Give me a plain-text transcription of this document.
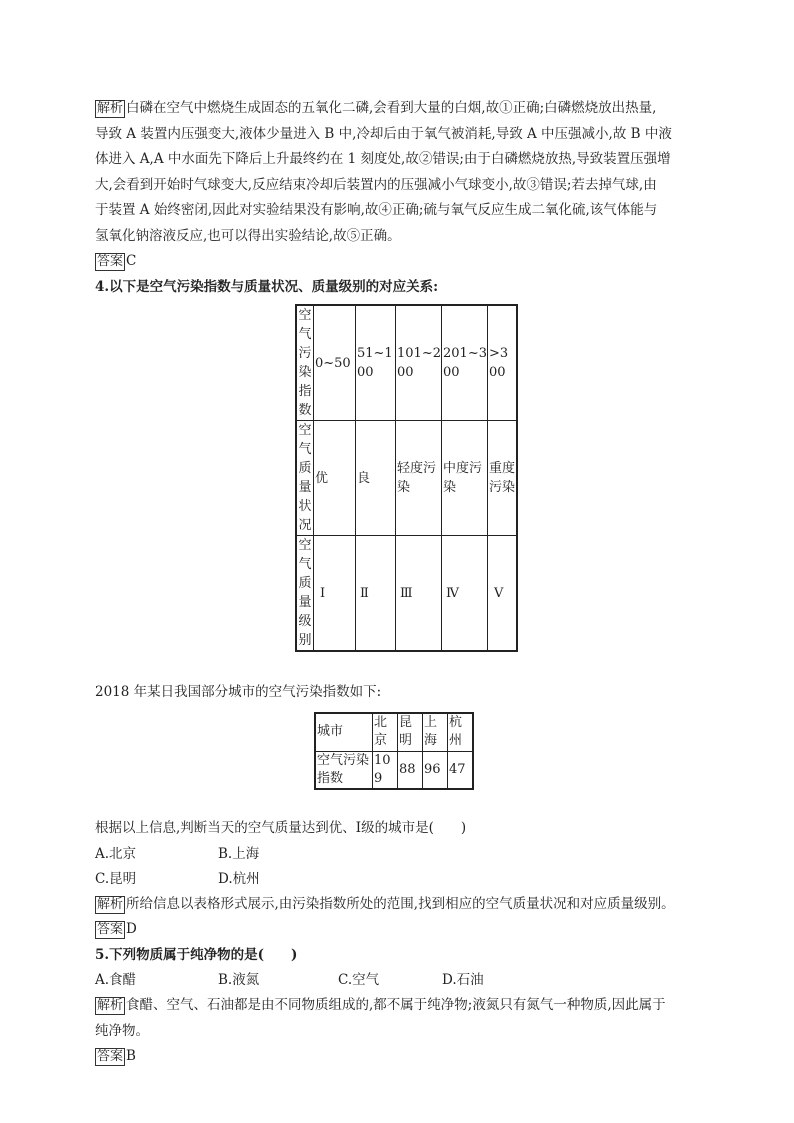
解析 白磷在空气中燃烧生成固态的五氧化二磷,会看到大量的白烟,故①正确;白磷燃烧放出热量,

导致 A 装置内压强变大,液体少量进入 B 中,冷却后由于氧气被消耗,导致 A 中压强减小,故 B 中液

体进入 A,A 中水面先下降后上升最终约在 1 刻度处,故②错误;由于白磷燃烧放热,导致装置压强增

大,会看到开始时气球变大,反应结束冷却后装置内的压强减小气球变小,故③错误;若去掉气球,由

于装置 A 始终密闭,因此对实验结果没有影响,故④正确;硫与氧气反应生成二氧化硫,该气体能与

氢氧化钠溶液反应,也可以得出实验结论,故⑤正确。

答案 C

4.以下是空气污染指数与质量状况、质量级别的对应关系:

空气污染指数	0~50	51~100	101~200	201~300	>300
空气质量状况	优	良	轻度污染	中度污染	重度污染
空气质量级别	Ⅰ	Ⅱ	Ⅲ	Ⅳ	Ⅴ

2018 年某日我国部分城市的空气污染指数如下:

城市	北京	昆明	上海	杭州
空气污染指数	109	88	96	47

根据以上信息,判断当天的空气质量达到优、Ⅰ级的城市是(　　)

A.北京	B.上海
C.昆明	D.杭州

解析 所给信息以表格形式展示,由污染指数所处的范围,找到相应的空气质量状况和对应质量级别。

答案 D

5.下列物质属于纯净物的是(　　)

A.食醋	B.液氮	C.空气	D.石油

解析 食醋、空气、石油都是由不同物质组成的,都不属于纯净物;液氮只有氮气一种物质,因此属于

纯净物。

答案 B
